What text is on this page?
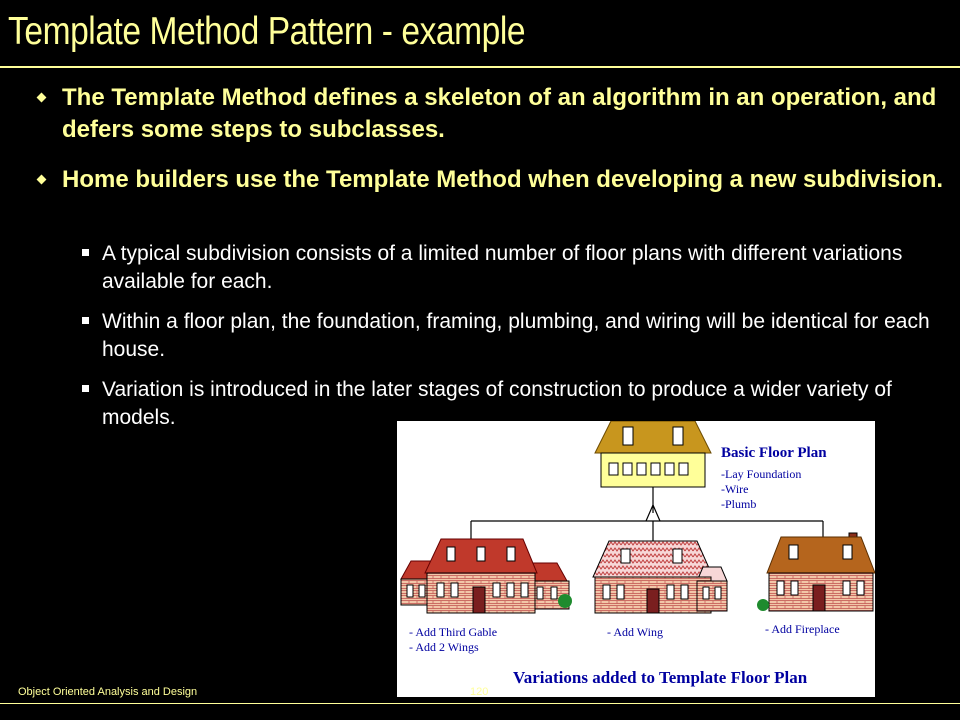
Template Method Pattern - example
The Template Method defines a skeleton of an algorithm in an operation, and defers some steps to subclasses.
Home builders use the Template Method when developing a new subdivision.
A typical subdivision consists of a limited number of floor plans with different variations available for each.
Within a floor plan, the foundation, framing, plumbing, and wiring will be identical for each house.
Variation is introduced in the later stages of construction to produce a wider variety of models.
Basic Floor Plan
-Lay Foundation
-Wire
-Plumb
- Add Third Gable
- Add 2 Wings
- Add Wing	- Add Fireplace
Variations added to Template Floor Plan
Object Oriented Analysis and Design	120
